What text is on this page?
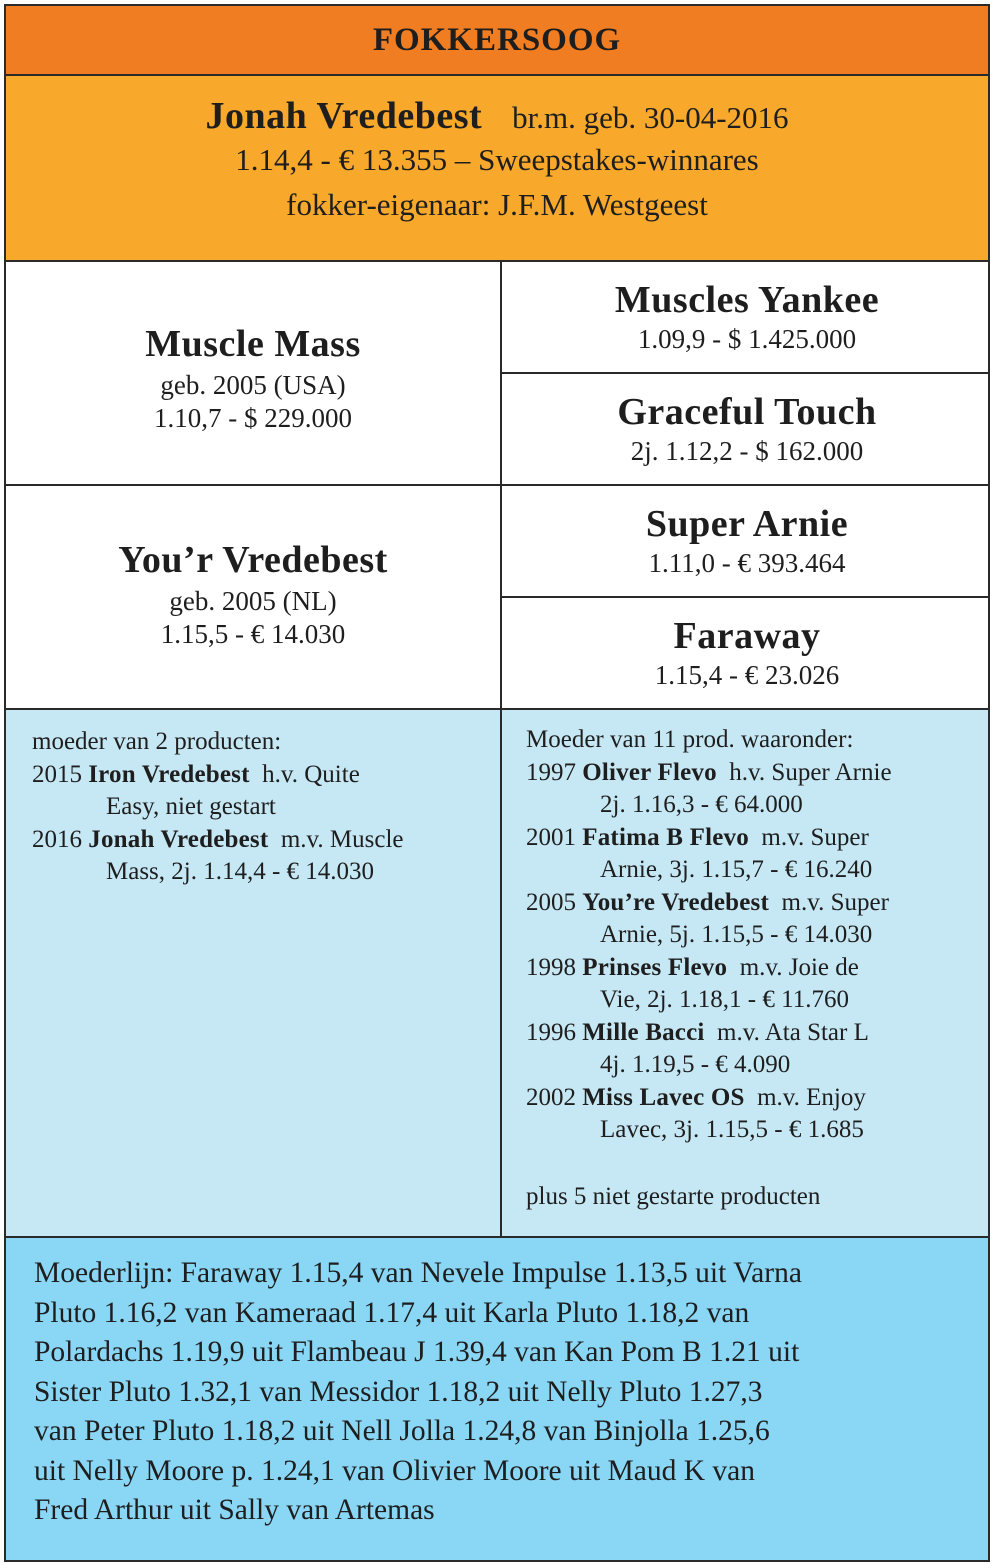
FOKKERSOOG
Jonah Vredebest br.m. geb. 30-04-2016
1.14,4 - € 13.355 – Sweepstakes-winnares
fokker-eigenaar: J.F.M. Westgeest
Muscle Mass
geb. 2005 (USA)
1.10,7 - $ 229.000
You’r Vredebest
geb. 2005 (NL)
1.15,5 - € 14.030
Muscles Yankee
1.09,9 - $ 1.425.000
Graceful Touch
2j. 1.12,2 - $ 162.000
Super Arnie
1.11,0 - € 393.464
Faraway
1.15,4 - € 23.026
moeder van 2 producten:
2015 Iron Vredebest h.v. Quite
Easy, niet gestart
2016 Jonah Vredebest m.v. Muscle
Mass, 2j. 1.14,4 - € 14.030
Moeder van 11 prod. waaronder:
1997 Oliver Flevo h.v. Super Arnie
2j. 1.16,3 - € 64.000
2001 Fatima B Flevo m.v. Super
Arnie, 3j. 1.15,7 - € 16.240
2005 You’re Vredebest m.v. Super
Arnie, 5j. 1.15,5 - € 14.030
1998 Prinses Flevo m.v. Joie de
Vie, 2j. 1.18,1 - € 11.760
1996 Mille Bacci m.v. Ata Star L
4j. 1.19,5 - € 4.090
2002 Miss Lavec OS m.v. Enjoy
Lavec, 3j. 1.15,5 - € 1.685
plus 5 niet gestarte producten
Moederlijn: Faraway 1.15,4 van Nevele Impulse 1.13,5 uit Varna
Pluto 1.16,2 van Kameraad 1.17,4 uit Karla Pluto 1.18,2 van
Polardachs 1.19,9 uit Flambeau J 1.39,4 van Kan Pom B 1.21 uit
Sister Pluto 1.32,1 van Messidor 1.18,2 uit Nelly Pluto 1.27,3
van Peter Pluto 1.18,2 uit Nell Jolla 1.24,8 van Binjolla 1.25,6
uit Nelly Moore p. 1.24,1 van Olivier Moore uit Maud K van
Fred Arthur uit Sally van Artemas
